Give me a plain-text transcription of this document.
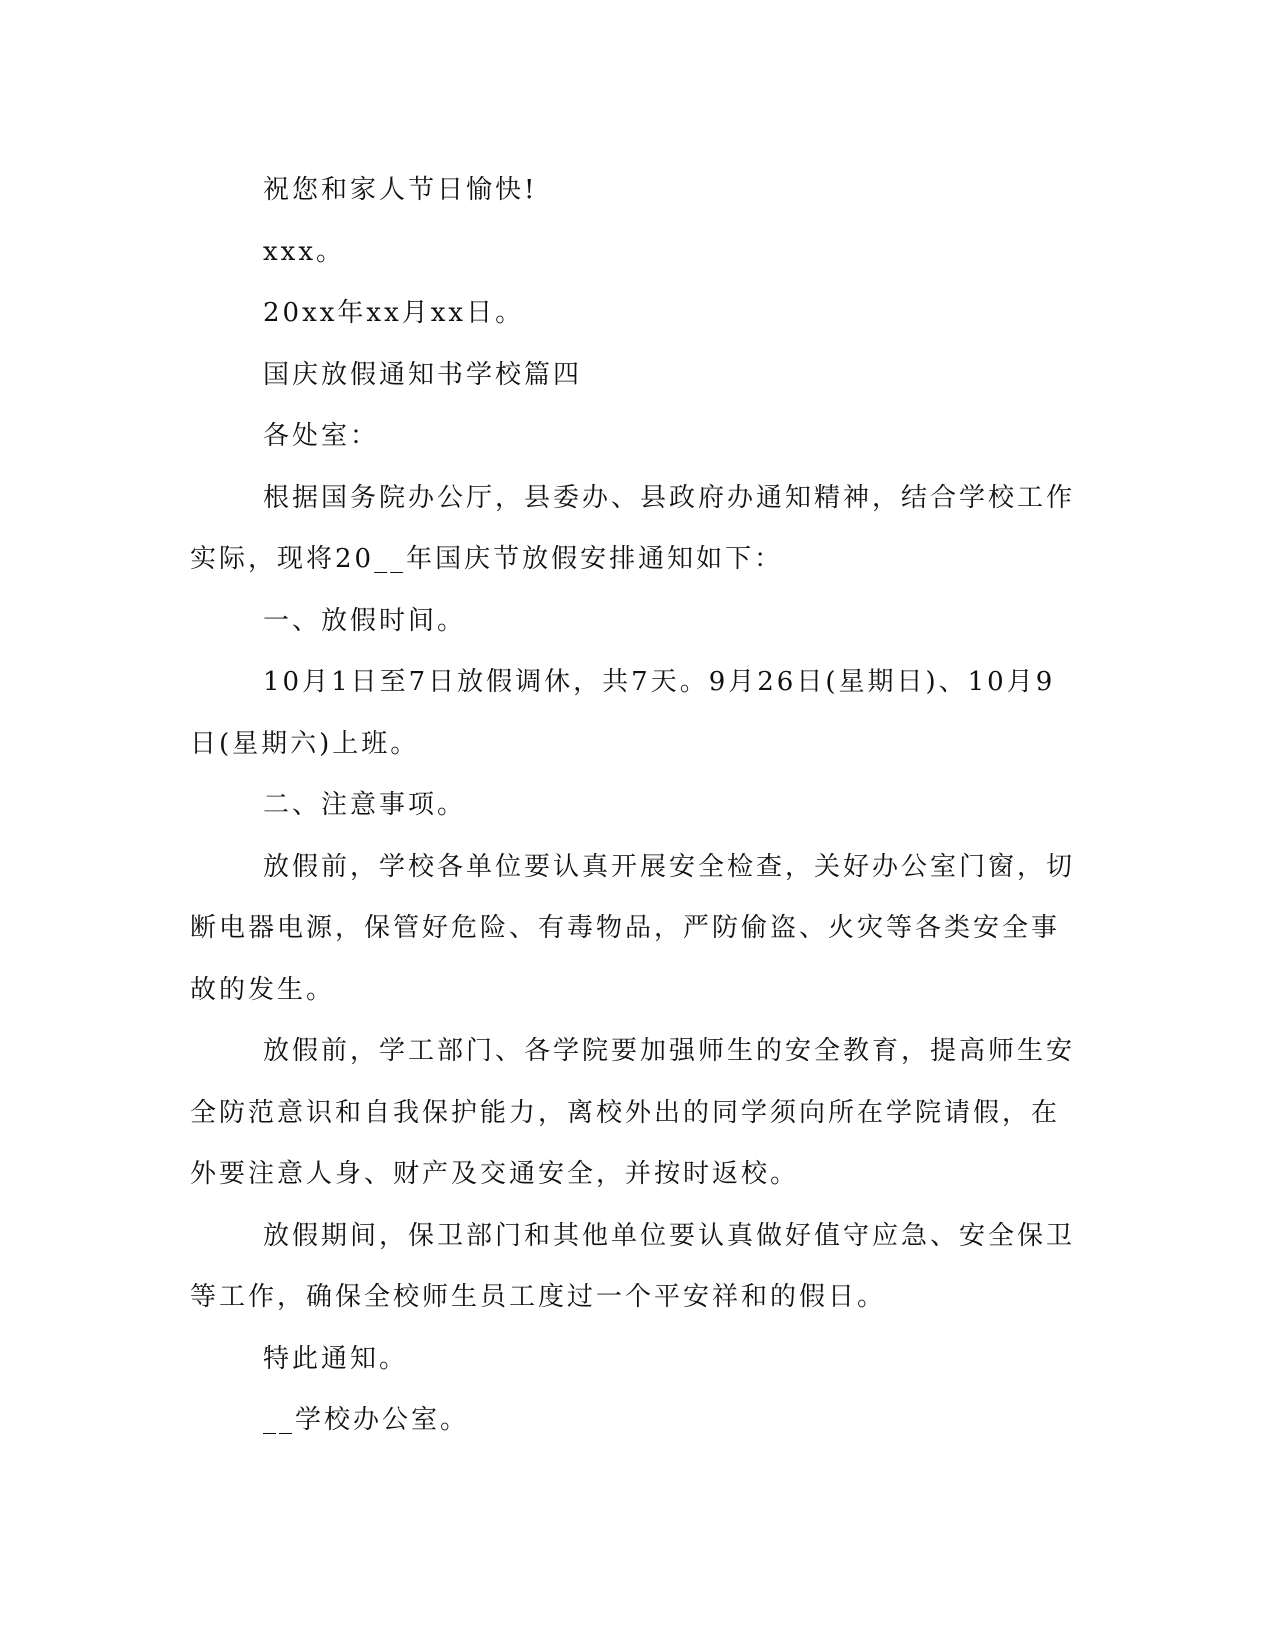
祝您和家人节日愉快!

xxx。

20xx年xx月xx日。

国庆放假通知书学校篇四

各处室：

根据国务院办公厅，县委办、县政府办通知精神，结合学校工作实际，现将20__年国庆节放假安排通知如下：

一、放假时间。

10月1日至7日放假调休，共7天。9月26日(星期日)、10月9日(星期六)上班。

二、注意事项。

放假前，学校各单位要认真开展安全检查，关好办公室门窗，切断电器电源，保管好危险、有毒物品，严防偷盗、火灾等各类安全事故的发生。

放假前，学工部门、各学院要加强师生的安全教育，提高师生安全防范意识和自我保护能力，离校外出的同学须向所在学院请假，在外要注意人身、财产及交通安全，并按时返校。

放假期间，保卫部门和其他单位要认真做好值守应急、安全保卫等工作，确保全校师生员工度过一个平安祥和的假日。

特此通知。

__学校办公室。
